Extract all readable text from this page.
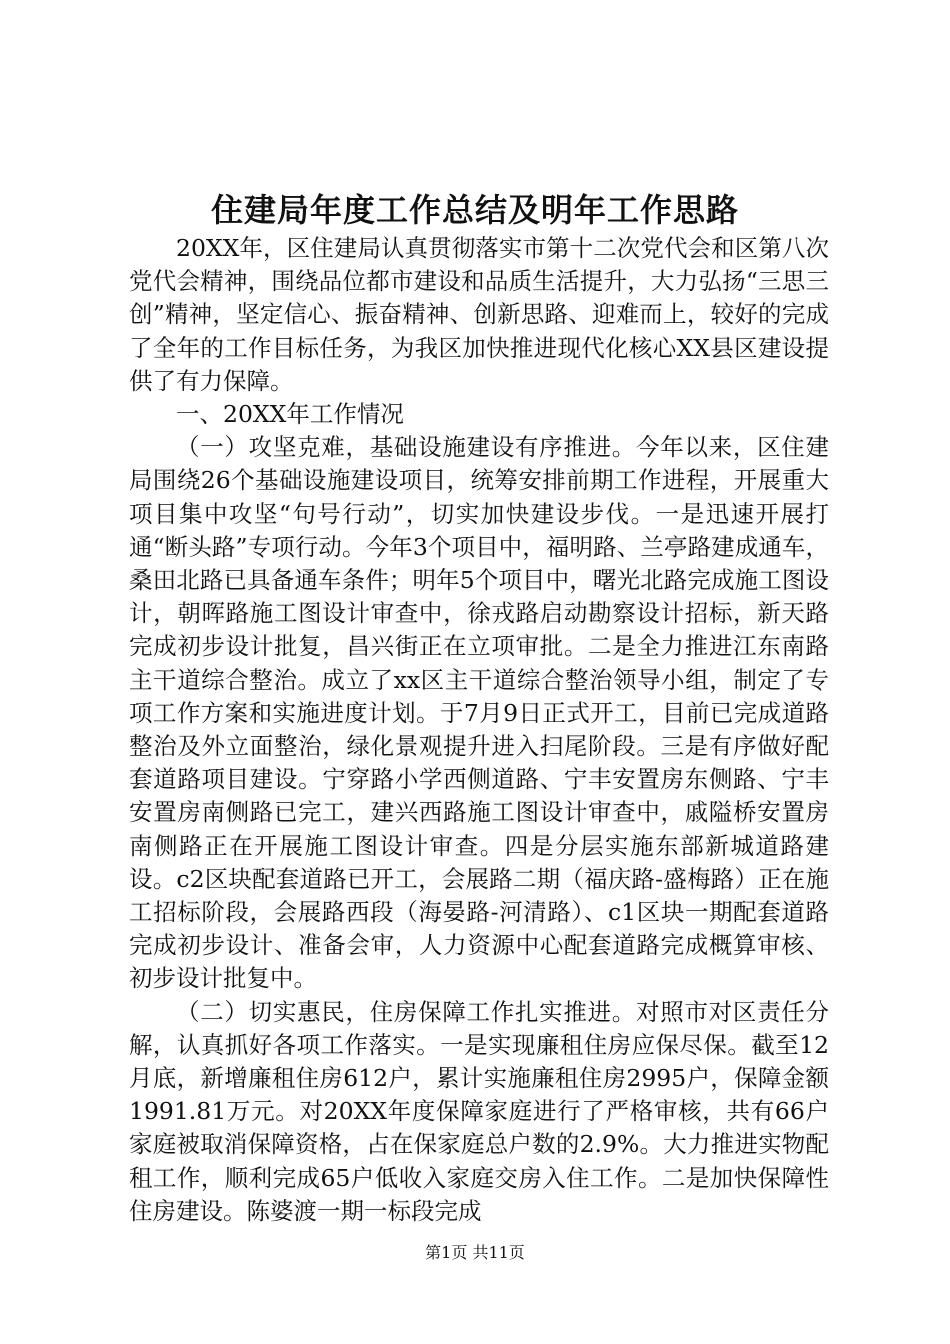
住建局年度工作总结及明年工作思路

20XX年，区住建局认真贯彻落实市第十二次党代会和区第八次党代会精神，围绕品位都市建设和品质生活提升，大力弘扬“三思三创”精神，坚定信心、振奋精神、创新思路、迎难而上，较好的完成了全年的工作目标任务，为我区加快推进现代化核心XX县区建设提供了有力保障。

一、20XX年工作情况

（一）攻坚克难，基础设施建设有序推进。今年以来，区住建局围绕26个基础设施建设项目，统筹安排前期工作进程，开展重大项目集中攻坚“句号行动”，切实加快建设步伐。一是迅速开展打通“断头路”专项行动。今年3个项目中，福明路、兰亭路建成通车，桑田北路已具备通车条件；明年5个项目中，曙光北路完成施工图设计，朝晖路施工图设计审查中，徐戎路启动勘察设计招标，新天路完成初步设计批复，昌兴街正在立项审批。二是全力推进江东南路主干道综合整治。成立了xx区主干道综合整治领导小组，制定了专项工作方案和实施进度计划。于7月9日正式开工，目前已完成道路整治及外立面整治，绿化景观提升进入扫尾阶段。三是有序做好配套道路项目建设。宁穿路小学西侧道路、宁丰安置房东侧路、宁丰安置房南侧路已完工，建兴西路施工图设计审查中，戚隘桥安置房南侧路正在开展施工图设计审查。四是分层实施东部新城道路建设。c2区块配套道路已开工，会展路二期（福庆路-盛梅路）正在施工招标阶段，会展路西段（海晏路-河清路）、c1区块一期配套道路完成初步设计、准备会审，人力资源中心配套道路完成概算审核、初步设计批复中。

（二）切实惠民，住房保障工作扎实推进。对照市对区责任分解，认真抓好各项工作落实。一是实现廉租住房应保尽保。截至12月底，新增廉租住房612户，累计实施廉租住房2995户，保障金额1991.81万元。对20XX年度保障家庭进行了严格审核，共有66户家庭被取消保障资格，占在保家庭总户数的2.9%。大力推进实物配租工作，顺利完成65户低收入家庭交房入住工作。二是加快保障性住房建设。陈婆渡一期一标段完成

第1页 共11页
